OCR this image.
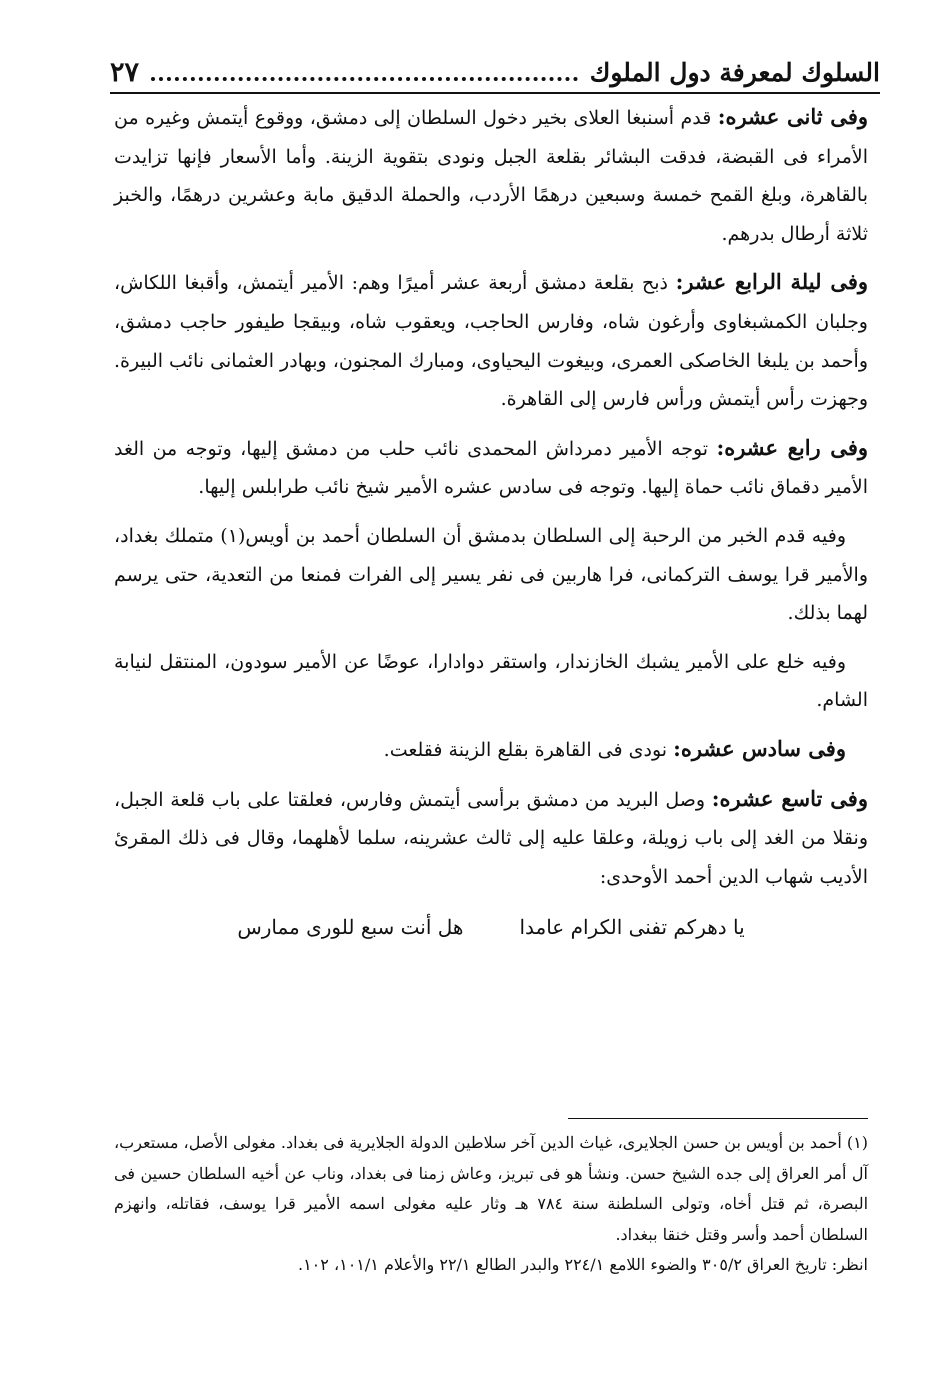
السلوك لمعرفة دول الملوك
٢٧

وفى ثانى عشره: قدم أسنبغا العلاى بخير دخول السلطان إلى دمشق، ووقوع أيتمش وغيره من الأمراء فى القبضة، فدقت البشائر بقلعة الجبل ونودى بتقوية الزينة. وأما الأسعار فإنها تزايدت بالقاهرة، وبلغ القمح خمسة وسبعين درهمًا الأردب، والحملة الدقيق مابة وعشرين درهمًا، والخبز ثلاثة أرطال بدرهم.

وفى ليلة الرابع عشر: ذبح بقلعة دمشق أربعة عشر أميرًا وهم: الأمير أيتمش، وأقبغا اللكاش، وجلبان الكمشبغاوى وأرغون شاه، وفارس الحاجب، ويعقوب شاه، وبيقجا طيفور حاجب دمشق، وأحمد بن يلبغا الخاصكى العمرى، وبيغوت اليحياوى، ومبارك المجنون، وبهادر العثمانى نائب البيرة. وجهزت رأس أيتمش ورأس فارس إلى القاهرة.

وفى رابع عشره: توجه الأمير دمرداش المحمدى نائب حلب من دمشق إليها، وتوجه من الغد الأمير دقماق نائب حماة إليها. وتوجه فى سادس عشره الأمير شيخ نائب طرابلس إليها.

وفيه قدم الخبر من الرحبة إلى السلطان بدمشق أن السلطان أحمد بن أويس(١) متملك بغداد، والأمير قرا يوسف التركمانى، فرا هاربين فى نفر يسير إلى الفرات فمنعا من التعدية، حتى يرسم لهما بذلك.

وفيه خلع على الأمير يشبك الخازندار، واستقر دوادارا، عوضًا عن الأمير سودون، المنتقل لنيابة الشام.

وفى سادس عشره: نودى فى القاهرة بقلع الزينة فقلعت.

وفى تاسع عشره: وصل البريد من دمشق برأسى أيتمش وفارس، فعلقتا على باب قلعة الجبل، ونقلا من الغد إلى باب زويلة، وعلقا عليه إلى ثالث عشرينه، سلما لأهلهما، وقال فى ذلك المقرئ الأديب شهاب الدين أحمد الأوحدى:

يا دهركم تفنى الكرام عامدا
هل أنت سبع للورى ممارس

(١) أحمد بن أويس بن حسن الجلايرى، غياث الدين آخر سلاطين الدولة الجلايرية فى بغداد. مغولى الأصل، مستعرب، آل أمر العراق إلى جده الشيخ حسن. ونشأ هو فى تبريز، وعاش زمنا فى بغداد، وناب عن أخيه السلطان حسين فى البصرة، ثم قتل أخاه، وتولى السلطنة سنة ٧٨٤ هـ وثار عليه مغولى اسمه الأمير قرا يوسف، فقاتله، وانهزم السلطان أحمد وأسر وقتل خنقا ببغداد.

انظر: تاريخ العراق ٣٠٥/٢ والضوء اللامع ٢٢٤/١ والبدر الطالع ٢٢/١ والأعلام ١٠١/١، ١٠٢.
